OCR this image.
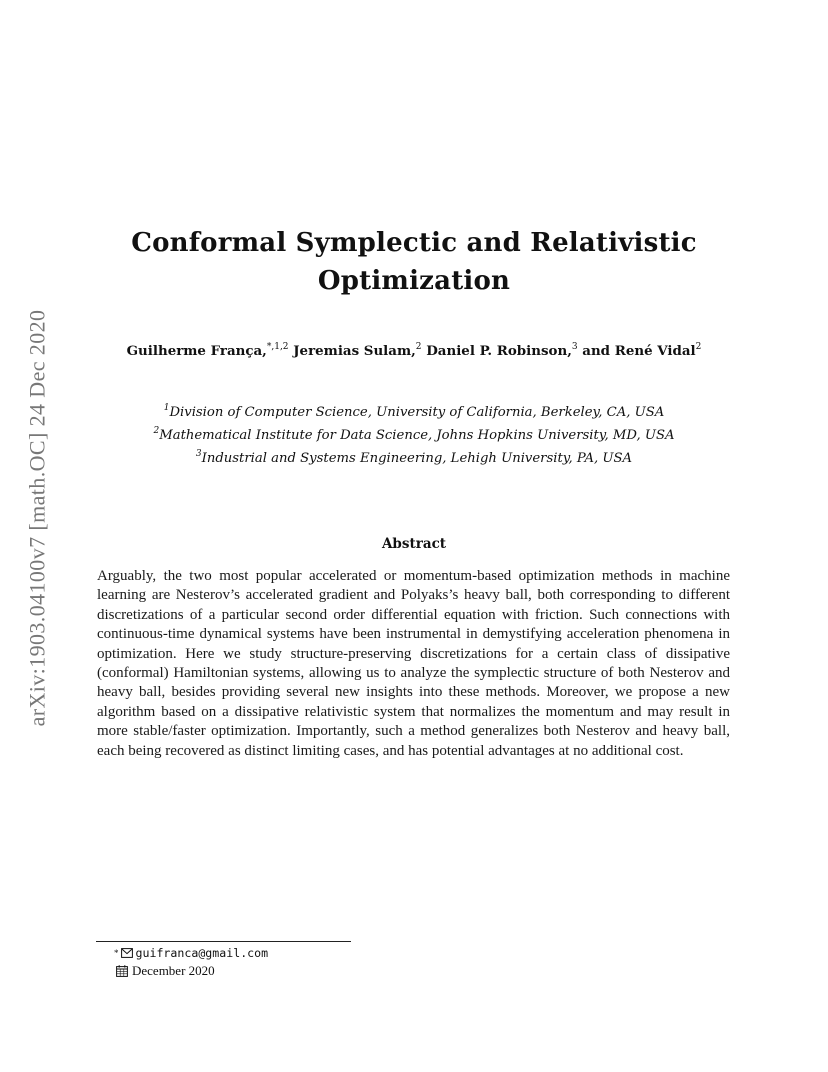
arXiv:1903.04100v7 [math.OC] 24 Dec 2020
Conformal Symplectic and Relativistic
Optimization
Guilherme França,$^{*,1,2}$ Jeremias Sulam,$^2$ Daniel P. Robinson,$^3$ and René Vidal$^2$
$^1$Division of Computer Science, University of California, Berkeley, CA, USA
$^2$Mathematical Institute for Data Science, Johns Hopkins University, MD, USA
$^3$Industrial and Systems Engineering, Lehigh University, PA, USA
Abstract

Arguably, the two most popular accelerated or momentum-based optimization methods in machine learning are Nesterov’s accelerated gradient and Polyaks’s heavy ball, both corresponding to different discretizations of a particular second order differential equation with friction. Such connections with continuous-time dynamical systems have been instrumental in demystifying acceleration phenomena in optimization. Here we study structure-preserving discretizations for a certain class of dissipative (conformal) Hamiltonian systems, allowing us to analyze the symplectic structure of both Nesterov and heavy ball, besides providing several new insights into these methods. Moreover, we propose a new algorithm based on a dissipative relativistic system that normalizes the momentum and may result in more stable/faster optimization. Importantly, such a method generalizes both Nesterov and heavy ball, each being recovered as distinct limiting cases, and has potential advantages at no additional cost.

* guifranca@gmail.com
December 2020
